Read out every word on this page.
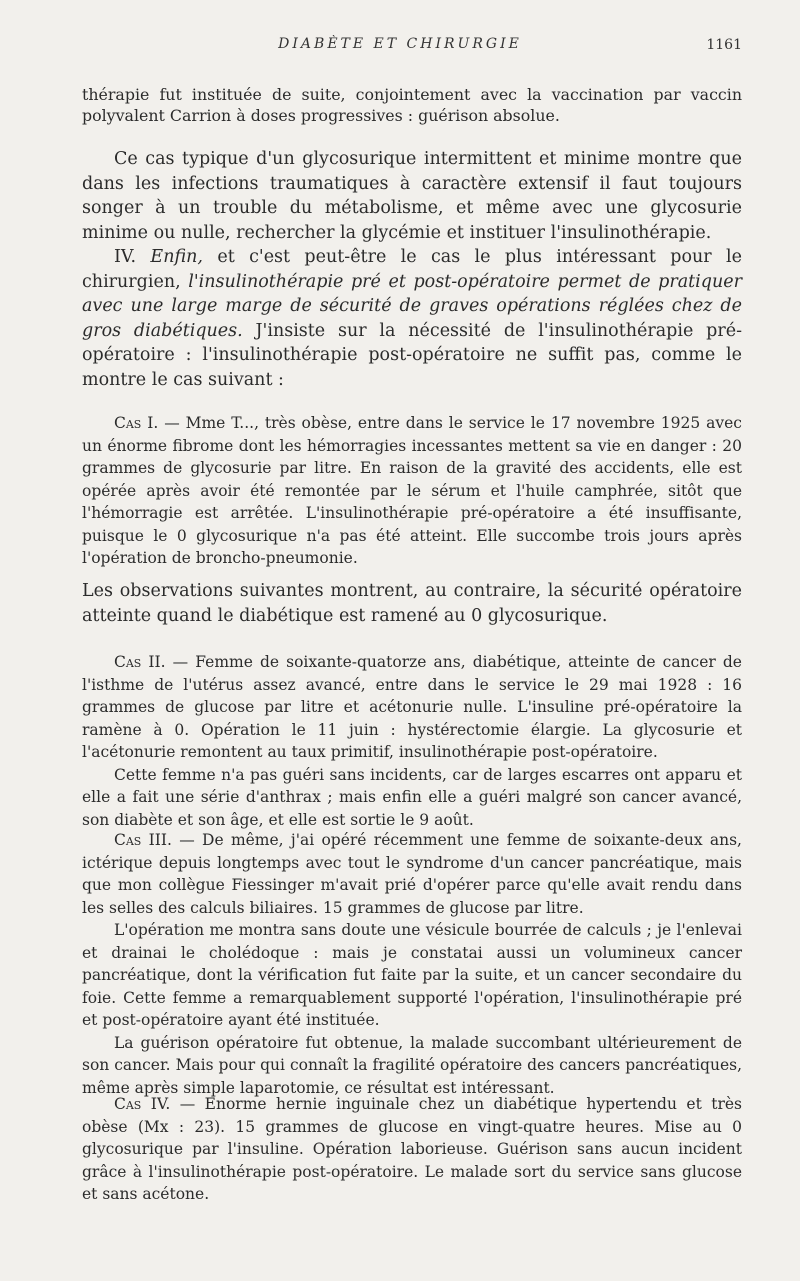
DIABÈTE ET CHIRURGIE	1161

thérapie fut instituée de suite, conjointement avec la vaccination par vaccin polyvalent Carrion à doses progressives : guérison absolue.

Ce cas typique d'un glycosurique intermittent et minime montre que dans les infections traumatiques à caractère extensif il faut toujours songer à un trouble du métabolisme, et même avec une glycosurie minime ou nulle, rechercher la glycémie et instituer l'insulinothérapie.

IV. Enfin, et c'est peut-être le cas le plus intéressant pour le chirurgien, l'insulinothérapie pré et post-opératoire permet de pratiquer avec une large marge de sécurité de graves opérations réglées chez de gros diabétiques. J'insiste sur la nécessité de l'insulinothérapie pré-opératoire : l'insulinothérapie post-opératoire ne suffit pas, comme le montre le cas suivant :

Cas I. — Mme T..., très obèse, entre dans le service le 17 novembre 1925 avec un énorme fibrome dont les hémorragies incessantes mettent sa vie en danger : 20 grammes de glycosurie par litre. En raison de la gravité des accidents, elle est opérée après avoir été remontée par le sérum et l'huile camphrée, sitôt que l'hémorragie est arrêtée. L'insulinothérapie pré-opératoire a été insuffisante, puisque le 0 glycosurique n'a pas été atteint. Elle succombe trois jours après l'opération de broncho-pneumonie.

Les observations suivantes montrent, au contraire, la sécurité opératoire atteinte quand le diabétique est ramené au 0 glycosurique.

Cas II. — Femme de soixante-quatorze ans, diabétique, atteinte de cancer de l'isthme de l'utérus assez avancé, entre dans le service le 29 mai 1928 : 16 grammes de glucose par litre et acétonurie nulle. L'insuline pré-opératoire la ramène à 0. Opération le 11 juin : hystérectomie élargie. La glycosurie et l'acétonurie remontent au taux primitif, insulinothérapie post-opératoire.

Cette femme n'a pas guéri sans incidents, car de larges escarres ont apparu et elle a fait une série d'anthrax ; mais enfin elle a guéri malgré son cancer avancé, son diabète et son âge, et elle est sortie le 9 août.

Cas III. — De même, j'ai opéré récemment une femme de soixante-deux ans, ictérique depuis longtemps avec tout le syndrome d'un cancer pancréatique, mais que mon collègue Fiessinger m'avait prié d'opérer parce qu'elle avait rendu dans les selles des calculs biliaires. 15 grammes de glucose par litre.

L'opération me montra sans doute une vésicule bourrée de calculs ; je l'enlevai et drainai le cholédoque : mais je constatai aussi un volumineux cancer pancréatique, dont la vérification fut faite par la suite, et un cancer secondaire du foie. Cette femme a remarquablement supporté l'opération, l'insulinothérapie pré et post-opératoire ayant été instituée.

La guérison opératoire fut obtenue, la malade succombant ultérieurement de son cancer. Mais pour qui connaît la fragilité opératoire des cancers pancréatiques, même après simple laparotomie, ce résultat est intéressant.

Cas IV. — Enorme hernie inguinale chez un diabétique hypertendu et très obèse (Mx : 23). 15 grammes de glucose en vingt-quatre heures. Mise au 0 glycosurique par l'insuline. Opération laborieuse. Guérison sans aucun incident grâce à l'insulinothérapie post-opératoire. Le malade sort du service sans glucose et sans acétone.
